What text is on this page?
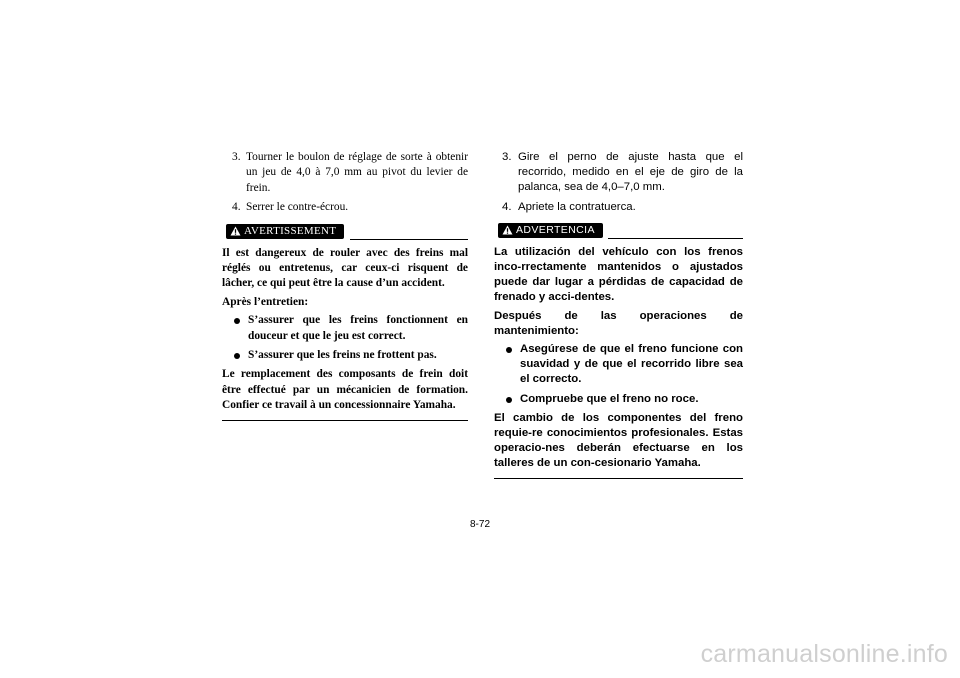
3. Tourner le boulon de réglage de sorte à obtenir un jeu de 4,0 à 7,0 mm au pivot du levier de frein.
4. Serrer le contre-écrou.
AVERTISSEMENT

Il est dangereux de rouler avec des freins mal réglés ou entretenus, car ceux-ci risquent de lâcher, ce qui peut être la cause d’un accident.

Après l’entretien:

S’assurer que les freins fonctionnent en douceur et que le jeu est correct.
S’assurer que les freins ne frottent pas.

Le remplacement des composants de frein doit être effectué par un mécanicien de formation. Confier ce travail à un concessionnaire Yamaha.

3. Gire el perno de ajuste hasta que el recorrido, medido en el eje de giro de la palanca, sea de 4,0–7,0 mm.
4. Apriete la contratuerca.
ADVERTENCIA

La utilización del vehículo con los frenos inco-rrectamente mantenidos o ajustados puede dar lugar a pérdidas de capacidad de frenado y acci-dentes.

Después de las operaciones de mantenimiento:

Asegúrese de que el freno funcione con suavidad y de que el recorrido libre sea el correcto.
Compruebe que el freno no roce.

El cambio de los componentes del freno requie-re conocimientos profesionales. Estas operacio-nes deberán efectuarse en los talleres de un con-cesionario Yamaha.

8-72
carmanualsonline.info
